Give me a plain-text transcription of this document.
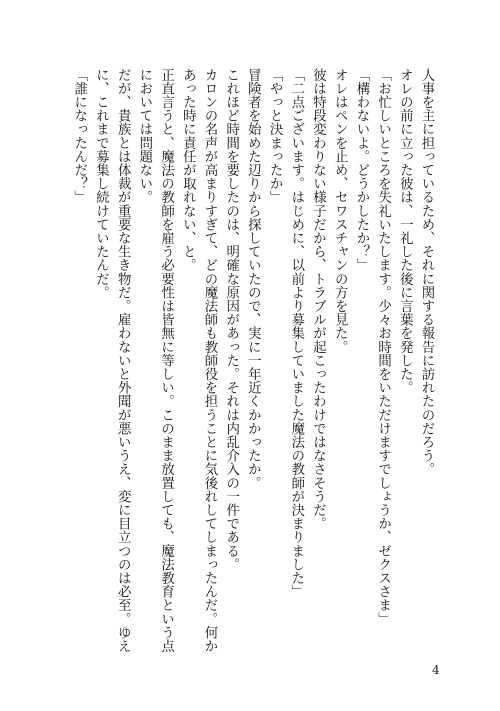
人事を主に担っているため、それに関する報告に訪れたのだろう。

オレの前に立った彼は、一礼した後に言葉を発した。

「お忙しいところを失礼いたします。少々お時間をいただけますでしょうか、ゼクスさま」

「構わないよ。どうかしたか？」

オレはペンを止め、セワスチャンの方を見た。

彼は特段変わりない様子だから、トラブルが起こったわけではなさそうだ。

「二点ございます。はじめに、以前より募集していました魔法の教師が決まりました」

「やっと決まったか」

冒険者を始めた辺りから探していたので、実に一年近くかかったか。

これほど時間を要したのは、明確な原因があった。それは内乱介入の一件である。

カロンの名声が高まりすぎて、どの魔法師も教師役を担うことに気後れしてしまったんだ。何か

あった時に責任が取れない、と。

正直言うと、魔法の教師を雇う必要性は皆無に等しい。このまま放置しても、魔法教育という点

においては問題ない。

だが、貴族とは体裁が重要な生き物だ。雇わないと外聞が悪いうえ、変に目立つのは必至。ゆえ

に、これまで募集し続けていたんだ。

「誰になったんだ？」

4
